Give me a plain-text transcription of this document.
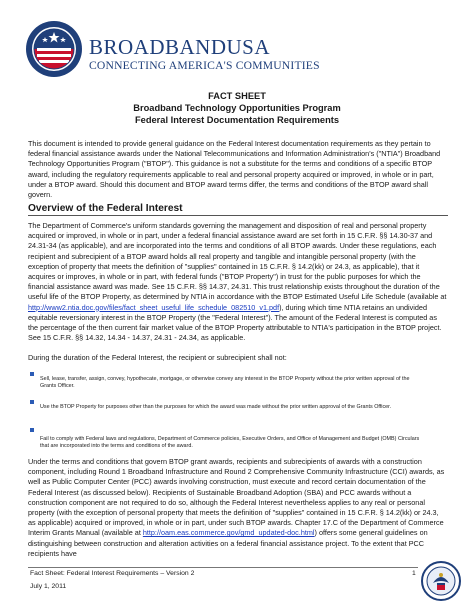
BROADBANDUSA
CONNECTING AMERICA'S COMMUNITIES
FACT SHEET
Broadband Technology Opportunities Program
Federal Interest Documentation Requirements

This document is intended to provide general guidance on the Federal Interest documentation requirements as they pertain to federal financial assistance awards under the National Telecommunications and Information Administration's ("NTIA") Broadband Technology Opportunities Program ("BTOP"). This guidance is not a substitute for the terms and conditions of a specific BTOP award, including the regulatory requirements applicable to real and personal property acquired or improved, in whole or in part, under a BTOP award. Should this document and BTOP award terms differ, the terms and conditions of the BTOP award shall govern.

Overview of the Federal Interest

The Department of Commerce's uniform standards governing the management and disposition of real and personal property acquired or improved, in whole or in part, under a federal financial assistance award are set forth in 15 C.F.R. §§ 14.30-37 and 24.31-34 (as applicable), and are incorporated into the terms and conditions of all BTOP awards. Under these regulations, each recipient and subrecipient of a BTOP award holds all real property and tangible and intangible personal property (with the exception of property that meets the definition of "supplies" contained in 15 C.F.R. § 14.2(kk) or 24.3, as applicable), that it acquires or improves, in whole or in part, with federal funds ("BTOP Property") in trust for the public purposes for which the financial assistance award was made. See 15 C.F.R. §§ 14.37, 24.31. This trust relationship exists throughout the duration of the useful life of the BTOP Property, as determined by NTIA in accordance with the BTOP Estimated Useful Life Schedule (available at http://www2.ntia.doc.gov/files/fact_sheet_useful_life_schedule_082510_v1.pdf), during which time NTIA retains an undivided equitable reversionary interest in the BTOP Property (the "Federal Interest"). The amount of the Federal Interest is computed as the percentage of the then current fair market value of the BTOP Property attributable to NTIA's participation in the BTOP project. See 15 C.F.R. §§ 14.32, 14.34 - 14.37, 24.31 - 24.34, as applicable.

During the duration of the Federal Interest, the recipient or subrecipient shall not:

Sell, lease, transfer, assign, convey, hypothecate, mortgage, or otherwise convey any interest in the BTOP Property without the prior written approval of the Grants Officer.

Use the BTOP Property for purposes other than the purposes for which the award was made without the prior written approval of the Grants Officer.

Fail to comply with Federal laws and regulations, Department of Commerce policies, Executive Orders, and Office of Management and Budget (OMB) Circulars that are incorporated into the terms and conditions of the award.

Under the terms and conditions that govern BTOP grant awards, recipients and subrecipients of awards with a construction component, including Round 1 Broadband Infrastructure and Round 2 Comprehensive Community Infrastructure (CCI) awards, as well as Public Computer Center (PCC) awards involving construction, must execute and record certain documentation of the Federal Interest (as discussed below). Recipients of Sustainable Broadband Adoption (SBA) and PCC awards without a construction component are not required to do so, although the Federal Interest nevertheless applies to any real or personal property (with the exception of personal property that meets the definition of "supplies" contained in 15 C.F.R. § 14.2(kk) or 24.3, as applicable) acquired or improved, in whole or in part, under such BTOP awards. Chapter 17.C of the Department of Commerce Interim Grants Manual (available at http://oam.eas.commerce.gov/gmd_updated-doc.html) offers some general guidelines on distinguishing between construction and alteration activities on a federal financial assistance project. To the extent that PCC recipients have

Fact Sheet: Federal Interest Requirements – Version 2	1

July 1, 2011
